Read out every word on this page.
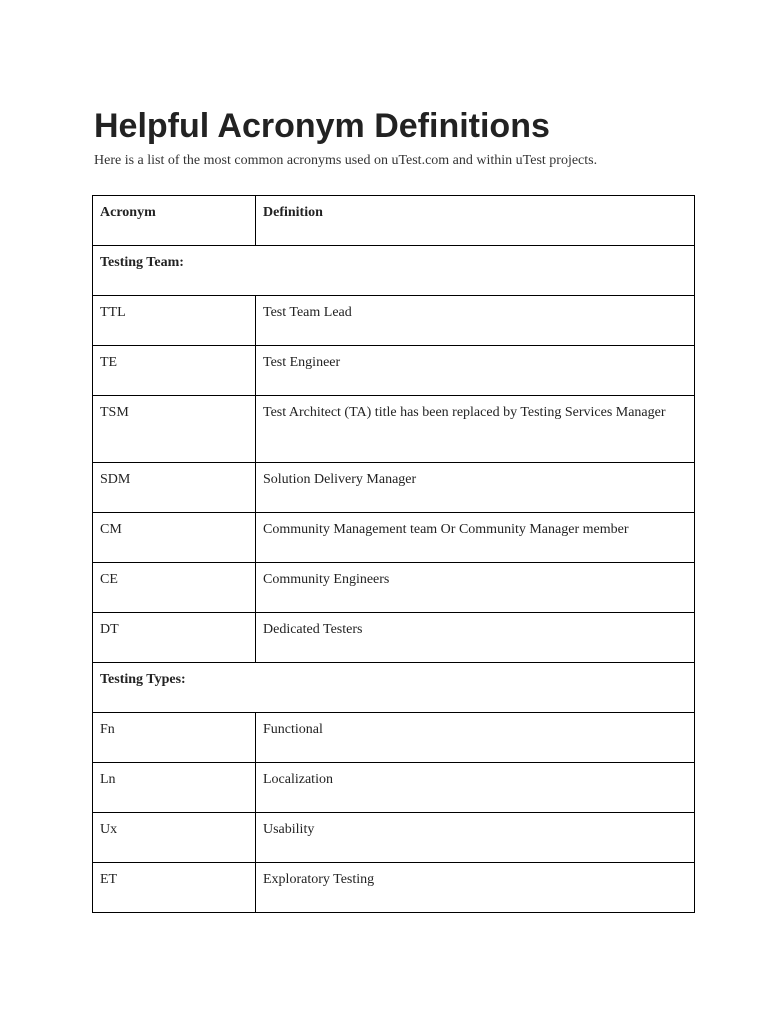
Helpful Acronym Definitions

Here is a list of the most common acronyms used on uTest.com and within uTest projects.

Acronym	Definition
Testing Team:	
TTL	Test Team Lead
TE	Test Engineer
TSM	Test Architect (TA) title has been replaced by Testing Services Manager
SDM	Solution Delivery Manager
CM	Community Management team Or Community Manager member
CE	Community Engineers
DT	Dedicated Testers
Testing Types:	
Fn	Functional
Ln	Localization
Ux	Usability
ET	Exploratory Testing
